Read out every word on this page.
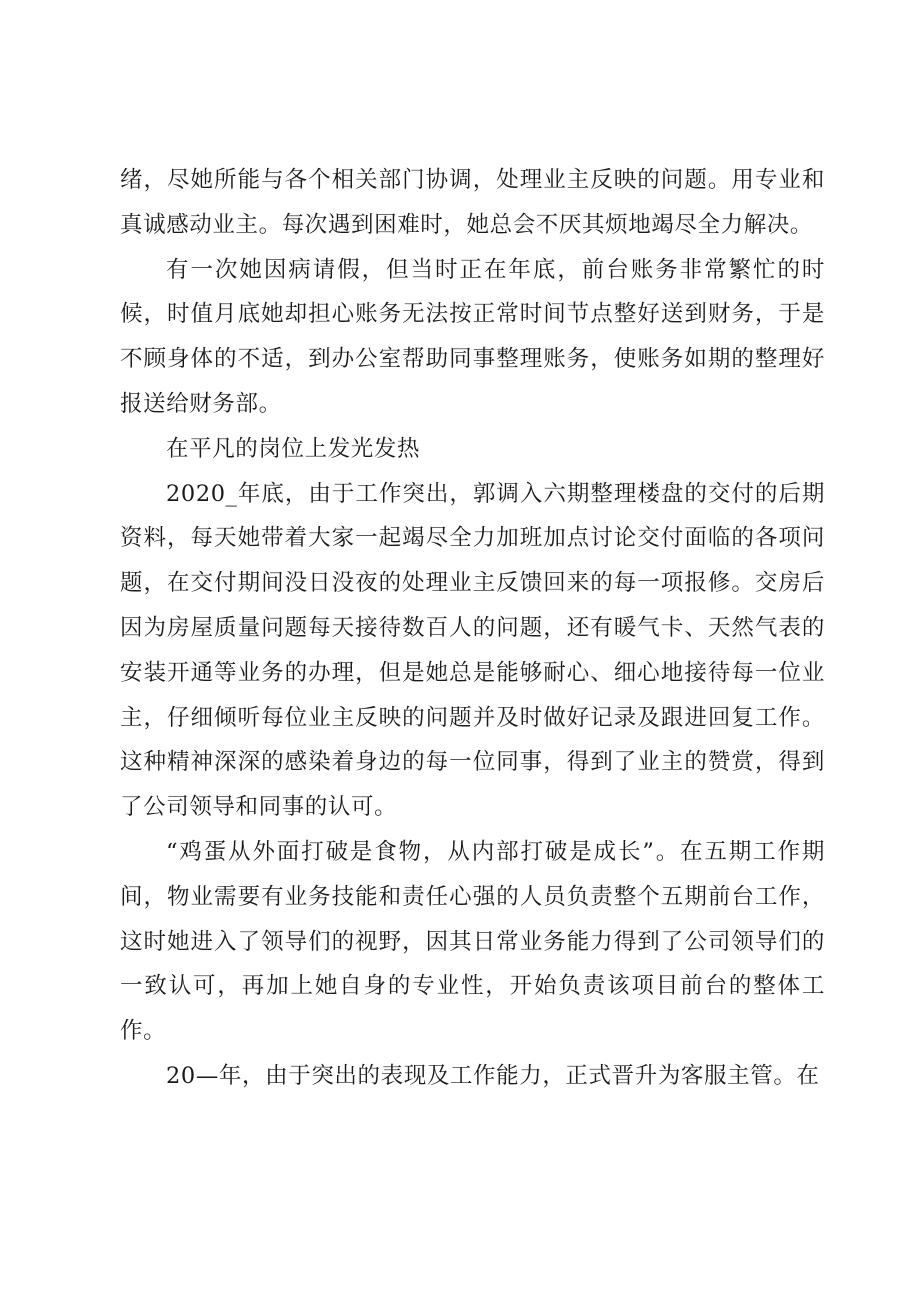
绪，尽她所能与各个相关部门协调，处理业主反映的问题。用专业和真诚感动业主。每次遇到困难时，她总会不厌其烦地竭尽全力解决。

有一次她因病请假，但当时正在年底，前台账务非常繁忙的时候，时值月底她却担心账务无法按正常时间节点整好送到财务，于是不顾身体的不适，到办公室帮助同事整理账务，使账务如期的整理好报送给财务部。

在平凡的岗位上发光发热

2020_年底，由于工作突出，郭调入六期整理楼盘的交付的后期资料，每天她带着大家一起竭尽全力加班加点讨论交付面临的各项问题，在交付期间没日没夜的处理业主反馈回来的每一项报修。交房后因为房屋质量问题每天接待数百人的问题，还有暖气卡、天然气表的安装开通等业务的办理，但是她总是能够耐心、细心地接待每一位业主，仔细倾听每位业主反映的问题并及时做好记录及跟进回复工作。这种精神深深的感染着身边的每一位同事，得到了业主的赞赏，得到了公司领导和同事的认可。

“鸡蛋从外面打破是食物，从内部打破是成长”。在五期工作期间，物业需要有业务技能和责任心强的人员负责整个五期前台工作，这时她进入了领导们的视野，因其日常业务能力得到了公司领导们的一致认可，再加上她自身的专业性，开始负责该项目前台的整体工作。

20—年，由于突出的表现及工作能力，正式晋升为客服主管。在
